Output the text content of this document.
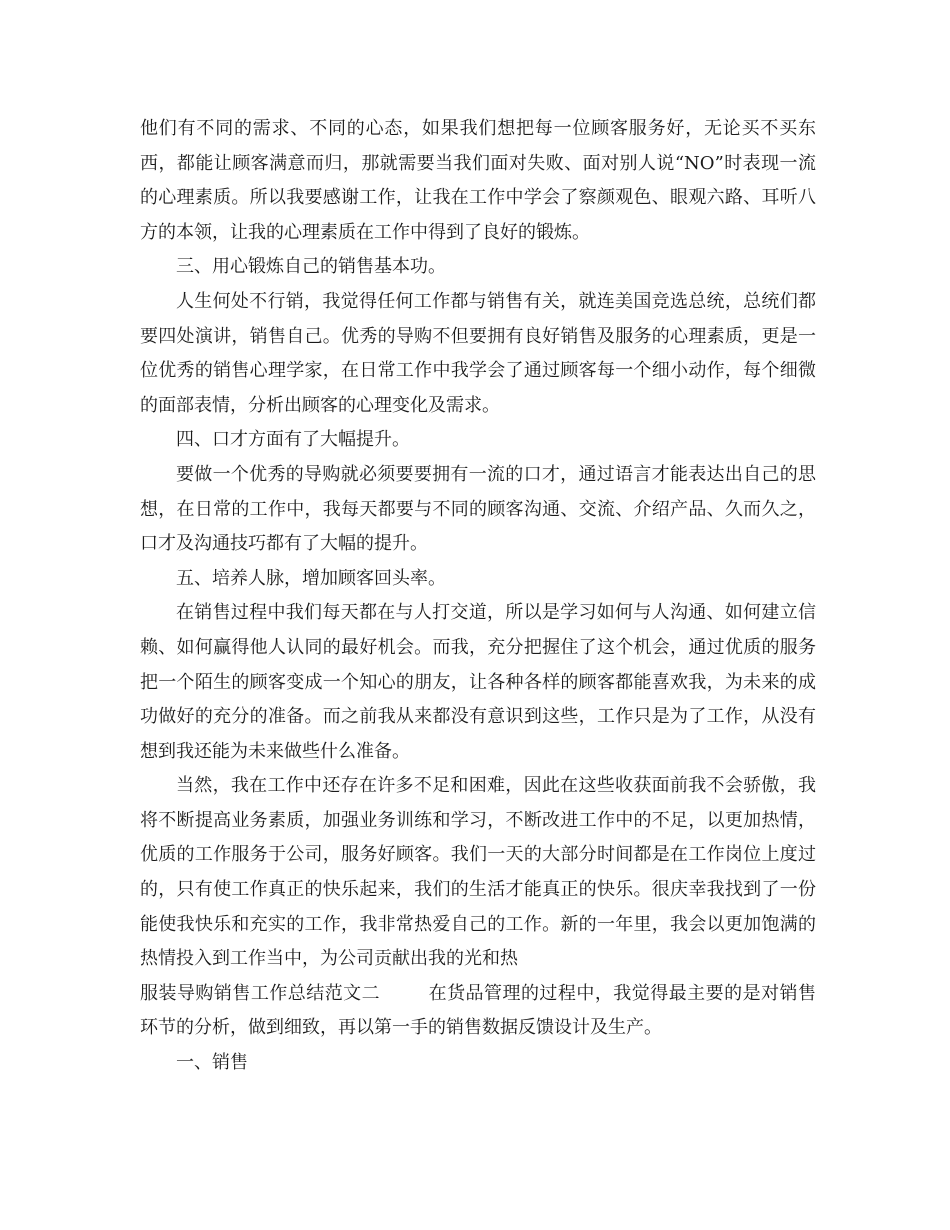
他们有不同的需求、不同的心态，如果我们想把每一位顾客服务好，无论买不买东西，都能让顾客满意而归，那就需要当我们面对失败、面对别人说“NO”时表现一流的心理素质。所以我要感谢工作，让我在工作中学会了察颜观色、眼观六路、耳听八方的本领，让我的心理素质在工作中得到了良好的锻炼。

三、用心锻炼自己的销售基本功。

人生何处不行销，我觉得任何工作都与销售有关，就连美国竞选总统，总统们都要四处演讲，销售自己。优秀的导购不但要拥有良好销售及服务的心理素质，更是一位优秀的销售心理学家，在日常工作中我学会了通过顾客每一个细小动作，每个细微的面部表情，分析出顾客的心理变化及需求。

四、口才方面有了大幅提升。

要做一个优秀的导购就必须要要拥有一流的口才，通过语言才能表达出自己的思想，在日常的工作中，我每天都要与不同的顾客沟通、交流、介绍产品、久而久之，口才及沟通技巧都有了大幅的提升。

五、培养人脉，增加顾客回头率。

在销售过程中我们每天都在与人打交道，所以是学习如何与人沟通、如何建立信赖、如何赢得他人认同的最好机会。而我，充分把握住了这个机会，通过优质的服务把一个陌生的顾客变成一个知心的朋友，让各种各样的顾客都能喜欢我，为未来的成功做好的充分的准备。而之前我从来都没有意识到这些，工作只是为了工作，从没有想到我还能为未来做些什么准备。

当然，我在工作中还存在许多不足和困难，因此在这些收获面前我不会骄傲，我将不断提高业务素质，加强业务训练和学习，不断改进工作中的不足，以更加热情，优质的工作服务于公司，服务好顾客。我们一天的大部分时间都是在工作岗位上度过的，只有使工作真正的快乐起来，我们的生活才能真正的快乐。很庆幸我找到了一份能使我快乐和充实的工作，我非常热爱自己的工作。新的一年里，我会以更加饱满的热情投入到工作当中，为公司贡献出我的光和热

服装导购销售工作总结范文二	在货品管理的过程中，我觉得最主要的是对销售环节的分析，做到细致，再以第一手的销售数据反馈设计及生产。

一、销售
